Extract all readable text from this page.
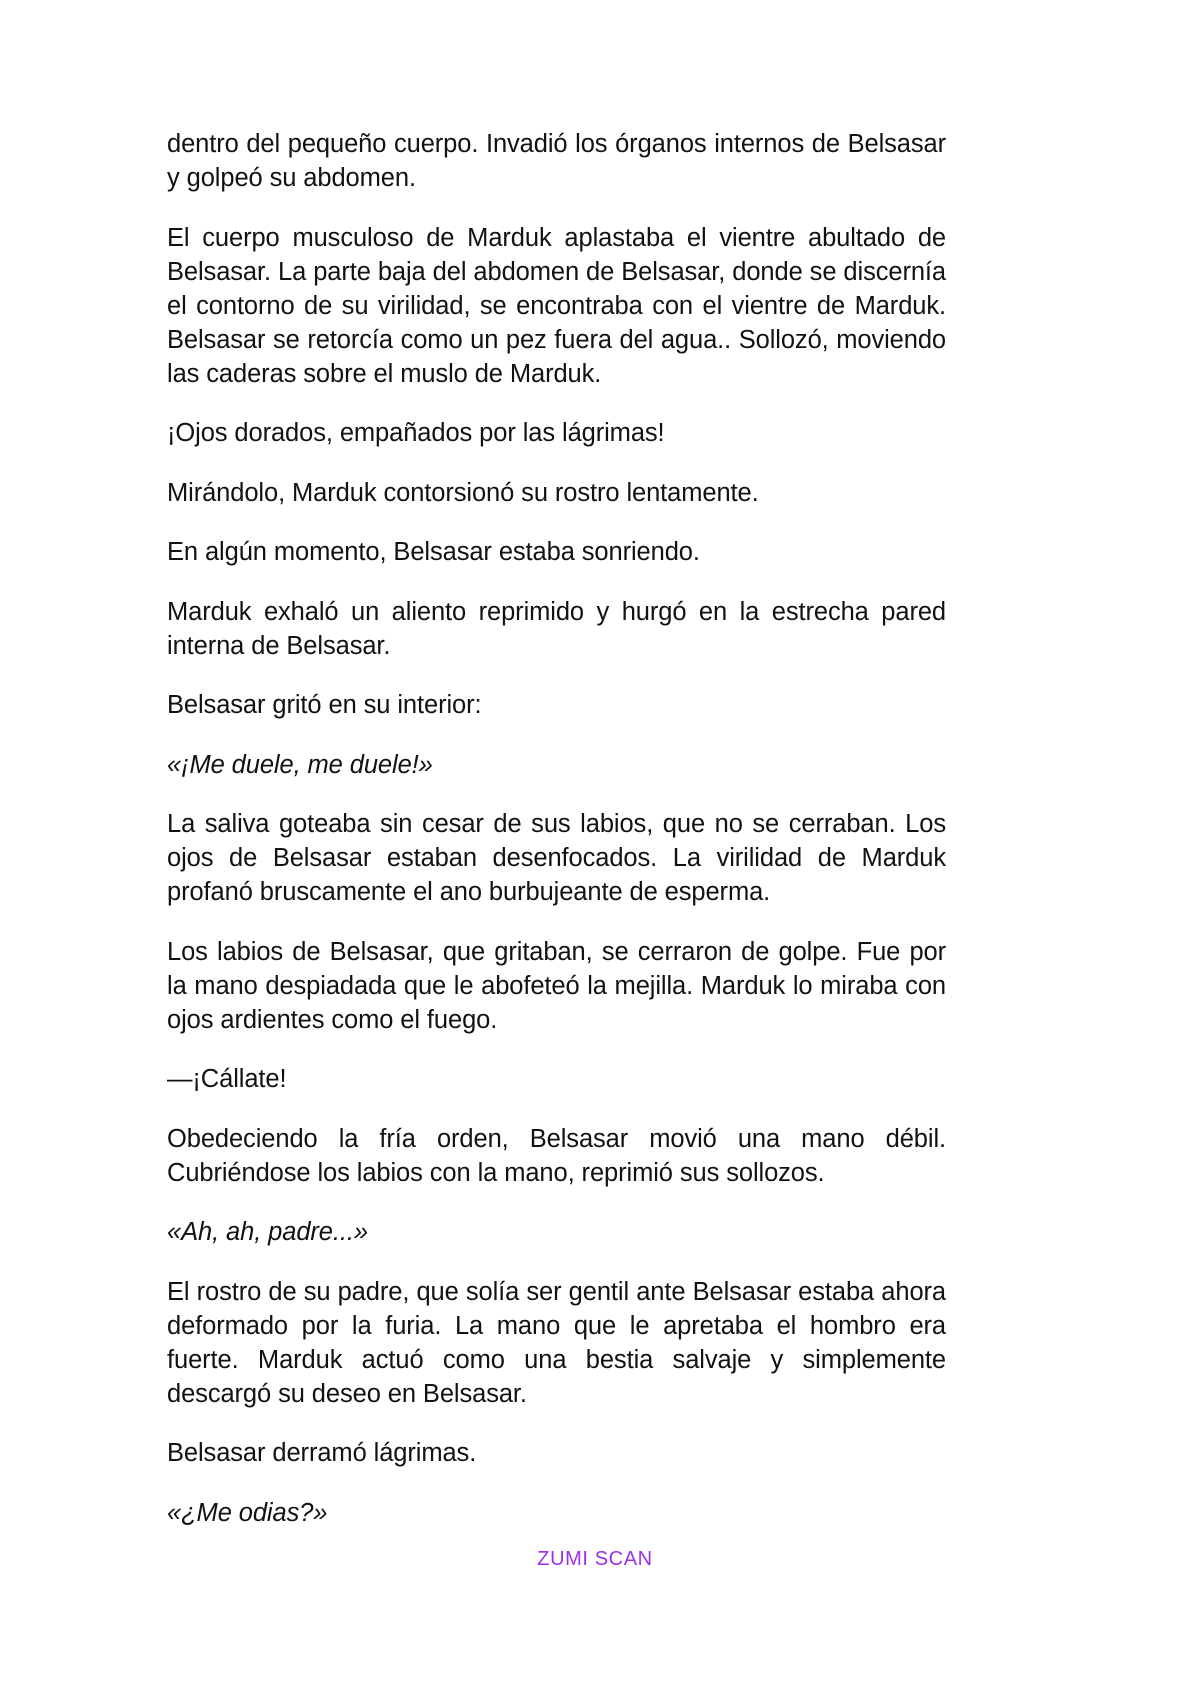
dentro del pequeño cuerpo. Invadió los órganos internos de Belsasar y golpeó su abdomen.

El cuerpo musculoso de Marduk aplastaba el vientre abultado de Belsasar. La parte baja del abdomen de Belsasar, donde se discernía el contorno de su virilidad, se encontraba con el vientre de Marduk. Belsasar se retorcía como un pez fuera del agua.. Sollozó, moviendo las caderas sobre el muslo de Marduk.

¡Ojos dorados, empañados por las lágrimas!

Mirándolo, Marduk contorsionó su rostro lentamente.

En algún momento, Belsasar estaba sonriendo.

Marduk exhaló un aliento reprimido y hurgó en la estrecha pared interna de Belsasar.

Belsasar gritó en su interior:

«¡Me duele, me duele!»

La saliva goteaba sin cesar de sus labios, que no se cerraban. Los ojos de Belsasar estaban desenfocados. La virilidad de Marduk profanó bruscamente el ano burbujeante de esperma.

Los labios de Belsasar, que gritaban, se cerraron de golpe. Fue por la mano despiadada que le abofeteó la mejilla. Marduk lo miraba con ojos ardientes como el fuego.

—¡Cállate!

Obedeciendo la fría orden, Belsasar movió una mano débil. Cubriéndose los labios con la mano, reprimió sus sollozos.

«Ah, ah, padre...»

El rostro de su padre, que solía ser gentil ante Belsasar estaba ahora deformado por la furia. La mano que le apretaba el hombro era fuerte. Marduk actuó como una bestia salvaje y simplemente descargó su deseo en Belsasar.

Belsasar derramó lágrimas.

«¿Me odias?»

ZUMI SCAN
